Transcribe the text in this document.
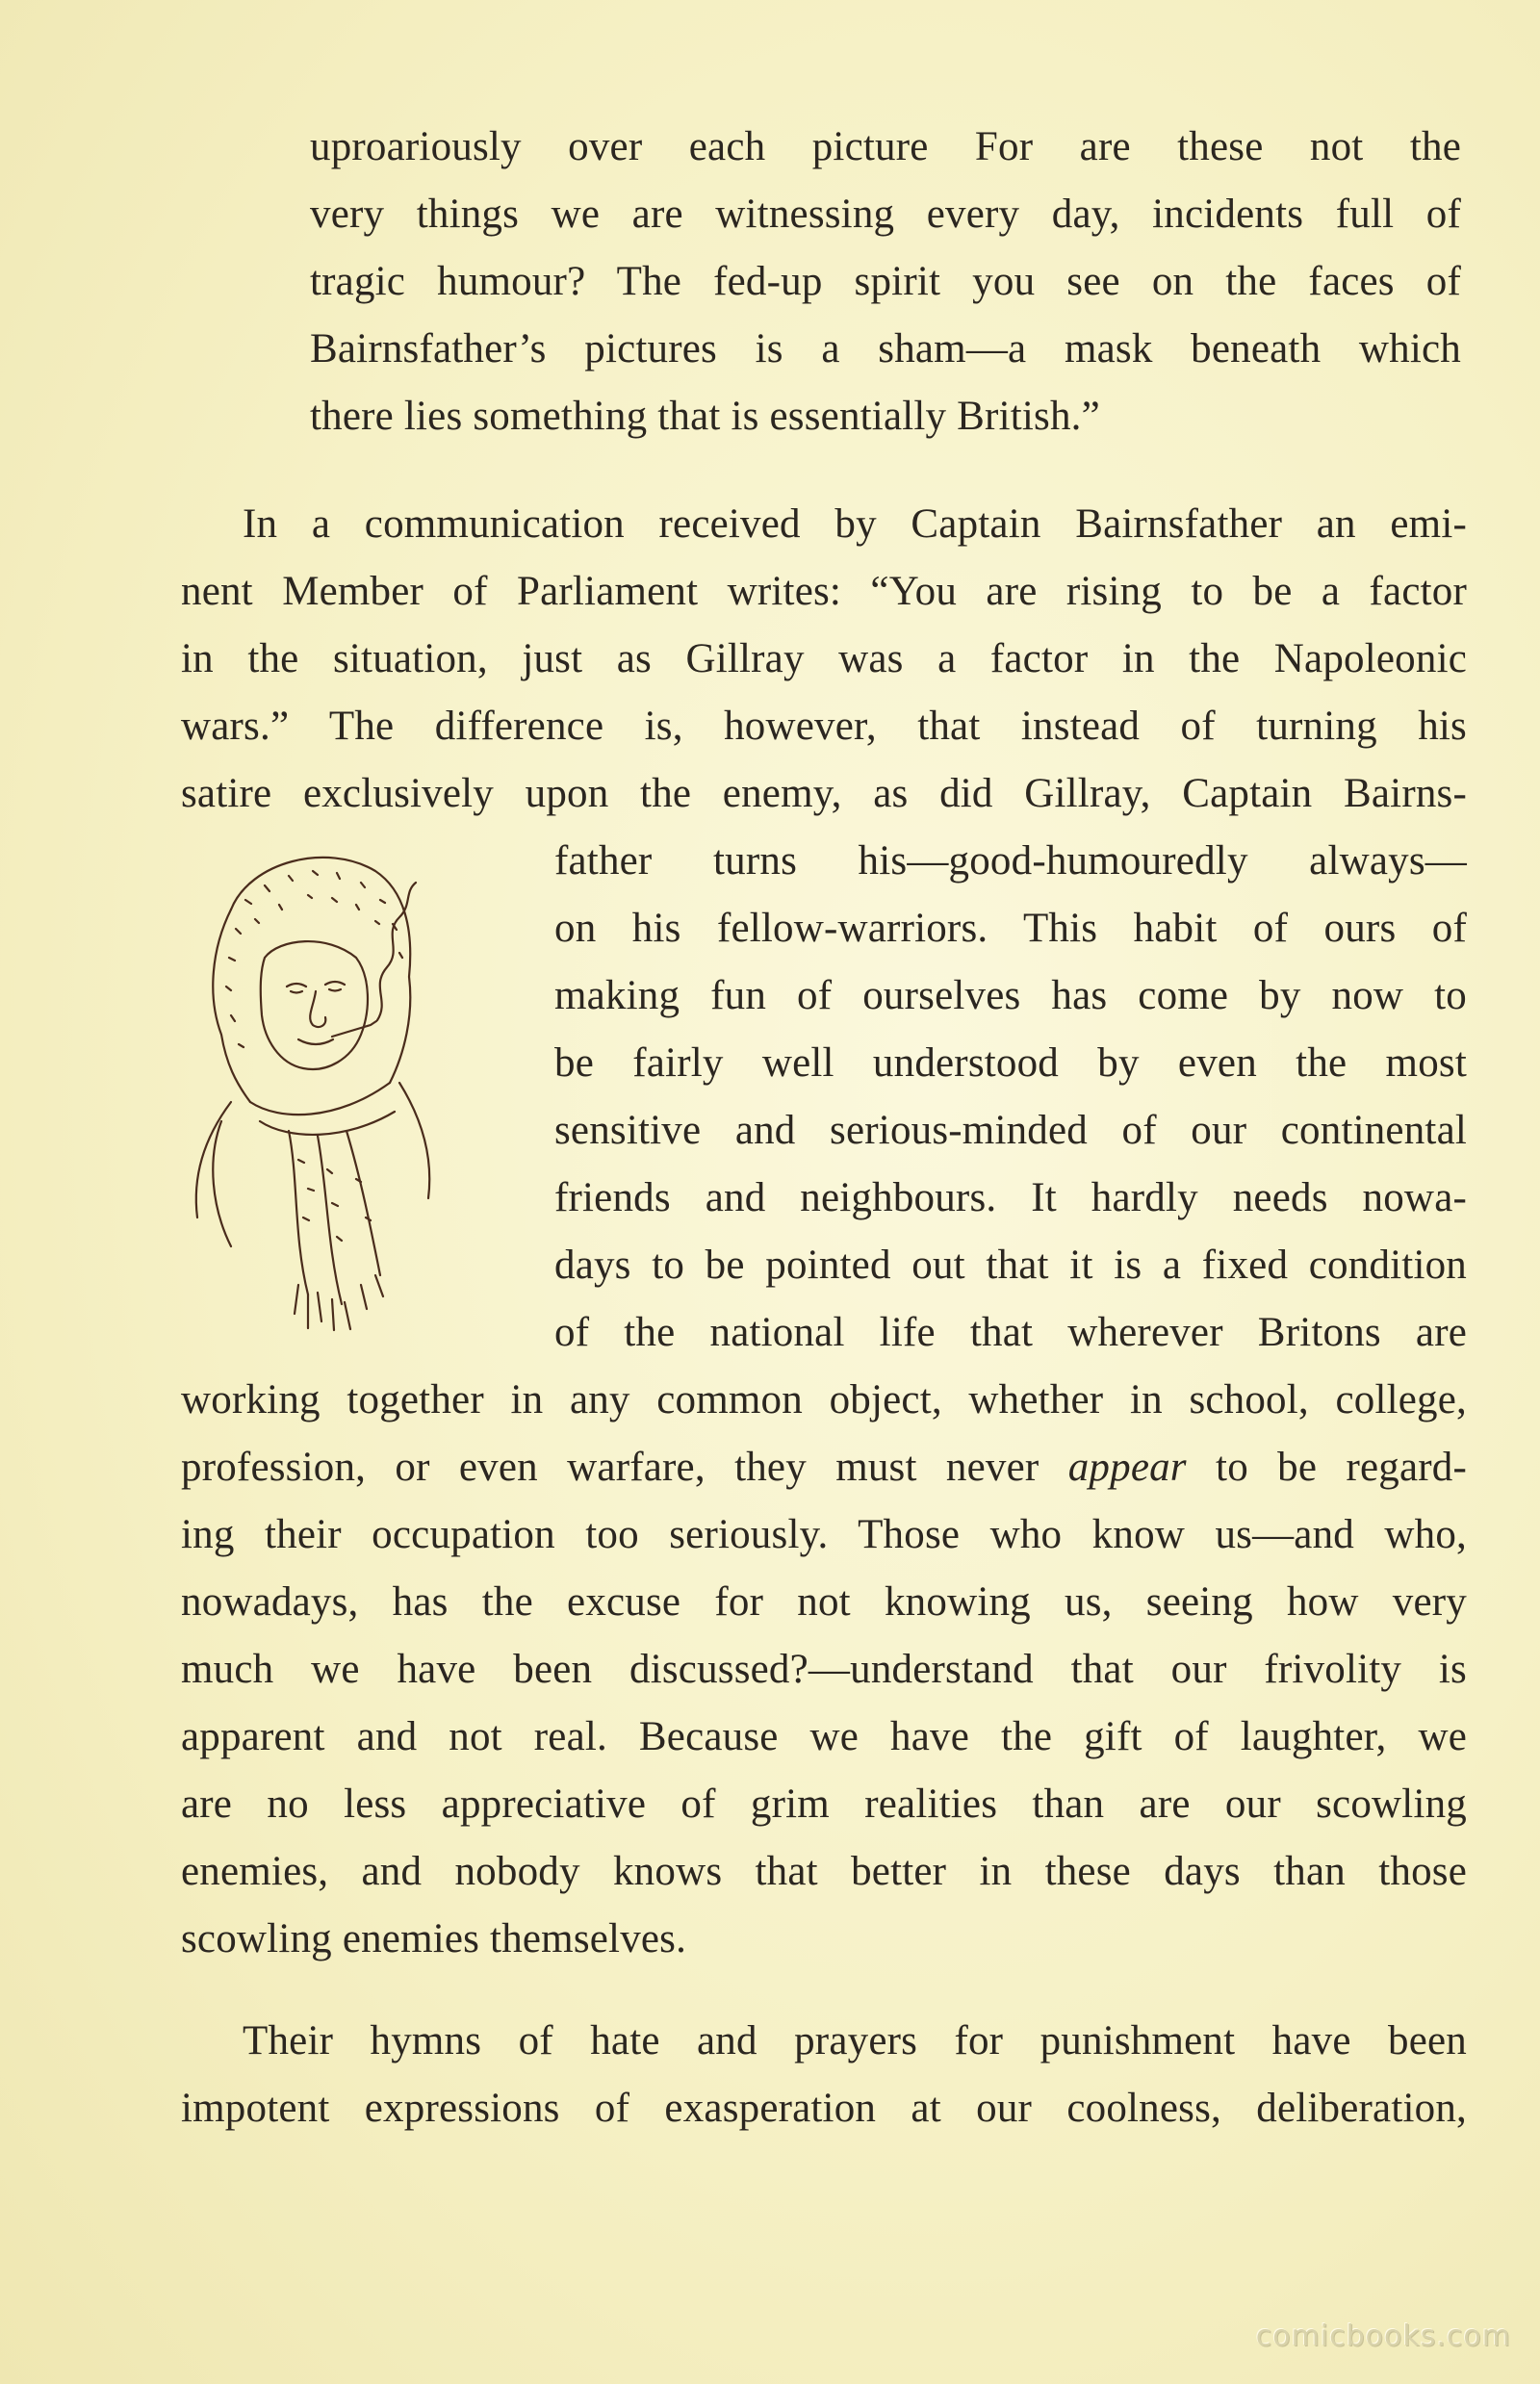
uproariously over each picture For are these not the
very things we are witnessing every day, incidents full of
tragic humour? The fed-up spirit you see on the faces of
Bairnsfather’s pictures is a sham—a mask beneath which
there lies something that is essentially British.”
In a communication received by Captain Bairnsfather an emi-
nent Member of Parliament writes: “You are rising to be a factor
in the situation, just as Gillray was a factor in the Napoleonic
wars.” The difference is, however, that instead of turning his
satire exclusively upon the enemy, as did Gillray, Captain Bairns-
father turns his—good-humouredly always—
on his fellow-warriors. This habit of ours of
making fun of ourselves has come by now to
be fairly well understood by even the most
sensitive and serious-minded of our continental
friends and neighbours. It hardly needs nowa-
days to be pointed out that it is a fixed condition
of the national life that wherever Britons are
working together in any common object, whether in school, college,
profession, or even warfare, they must never appear to be regard-
ing their occupation too seriously. Those who know us—and who,
nowadays, has the excuse for not knowing us, seeing how very
much we have been discussed?—understand that our frivolity is
apparent and not real. Because we have the gift of laughter, we
are no less appreciative of grim realities than are our scowling
enemies, and nobody knows that better in these days than those
scowling enemies themselves.
Their hymns of hate and prayers for punishment have been
impotent expressions of exasperation at our coolness, deliberation,
comicbooks.com
